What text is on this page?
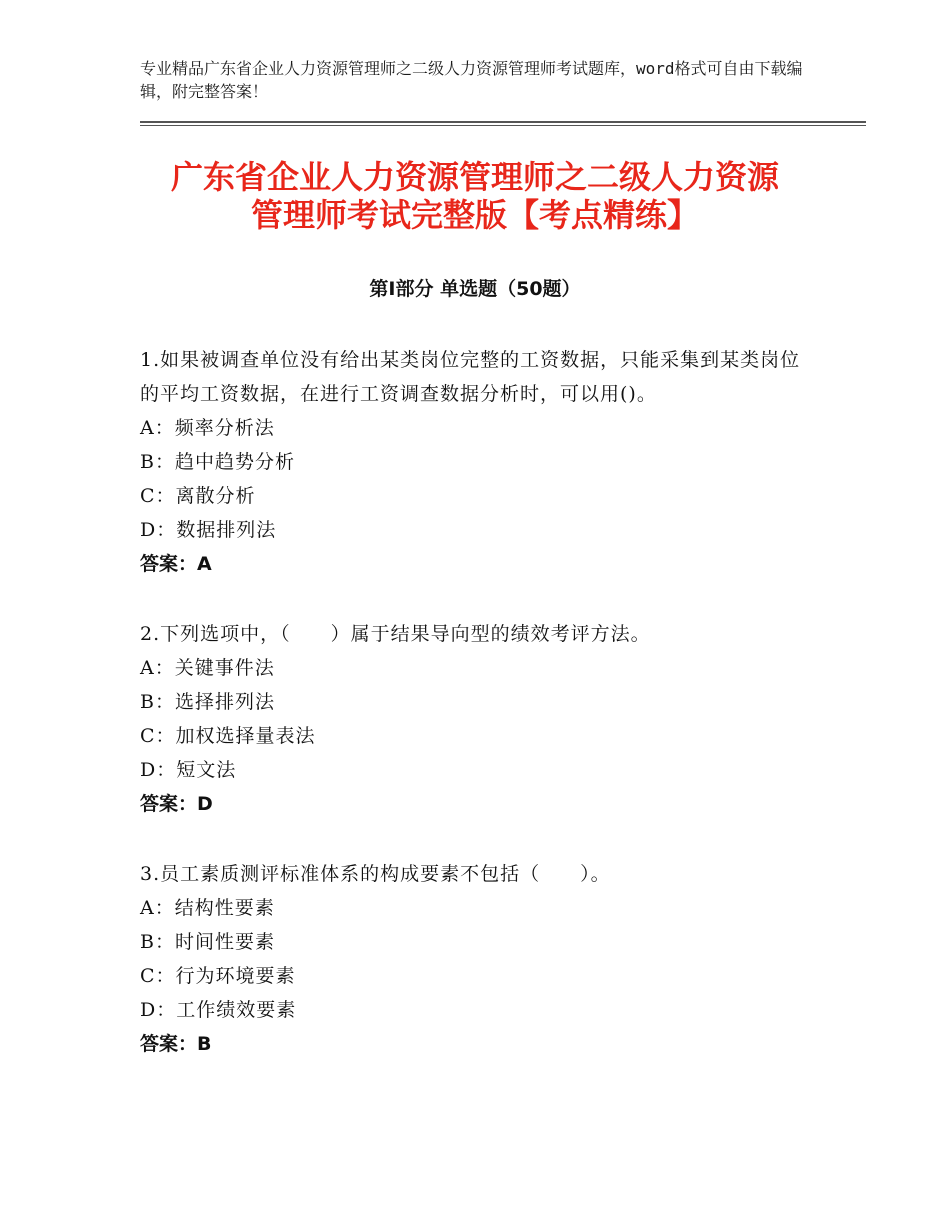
专业精品广东省企业人力资源管理师之二级人力资源管理师考试题库，word格式可自由下载编辑，附完整答案！
广东省企业人力资源管理师之二级人力资源
管理师考试完整版【考点精练】
第I部分 单选题（50题）
1.如果被调查单位没有给出某类岗位完整的工资数据，只能采集到某类岗位的平均工资数据，在进行工资调查数据分析时，可以用()。
A：频率分析法
B：趋中趋势分析
C：离散分析
D：数据排列法
答案：A
2.下列选项中，（　　）属于结果导向型的绩效考评方法。
A：关键事件法
B：选择排列法
C：加权选择量表法
D：短文法
答案：D
3.员工素质测评标准体系的构成要素不包括（　　）。
A：结构性要素
B：时间性要素
C：行为环境要素
D：工作绩效要素
答案：B
